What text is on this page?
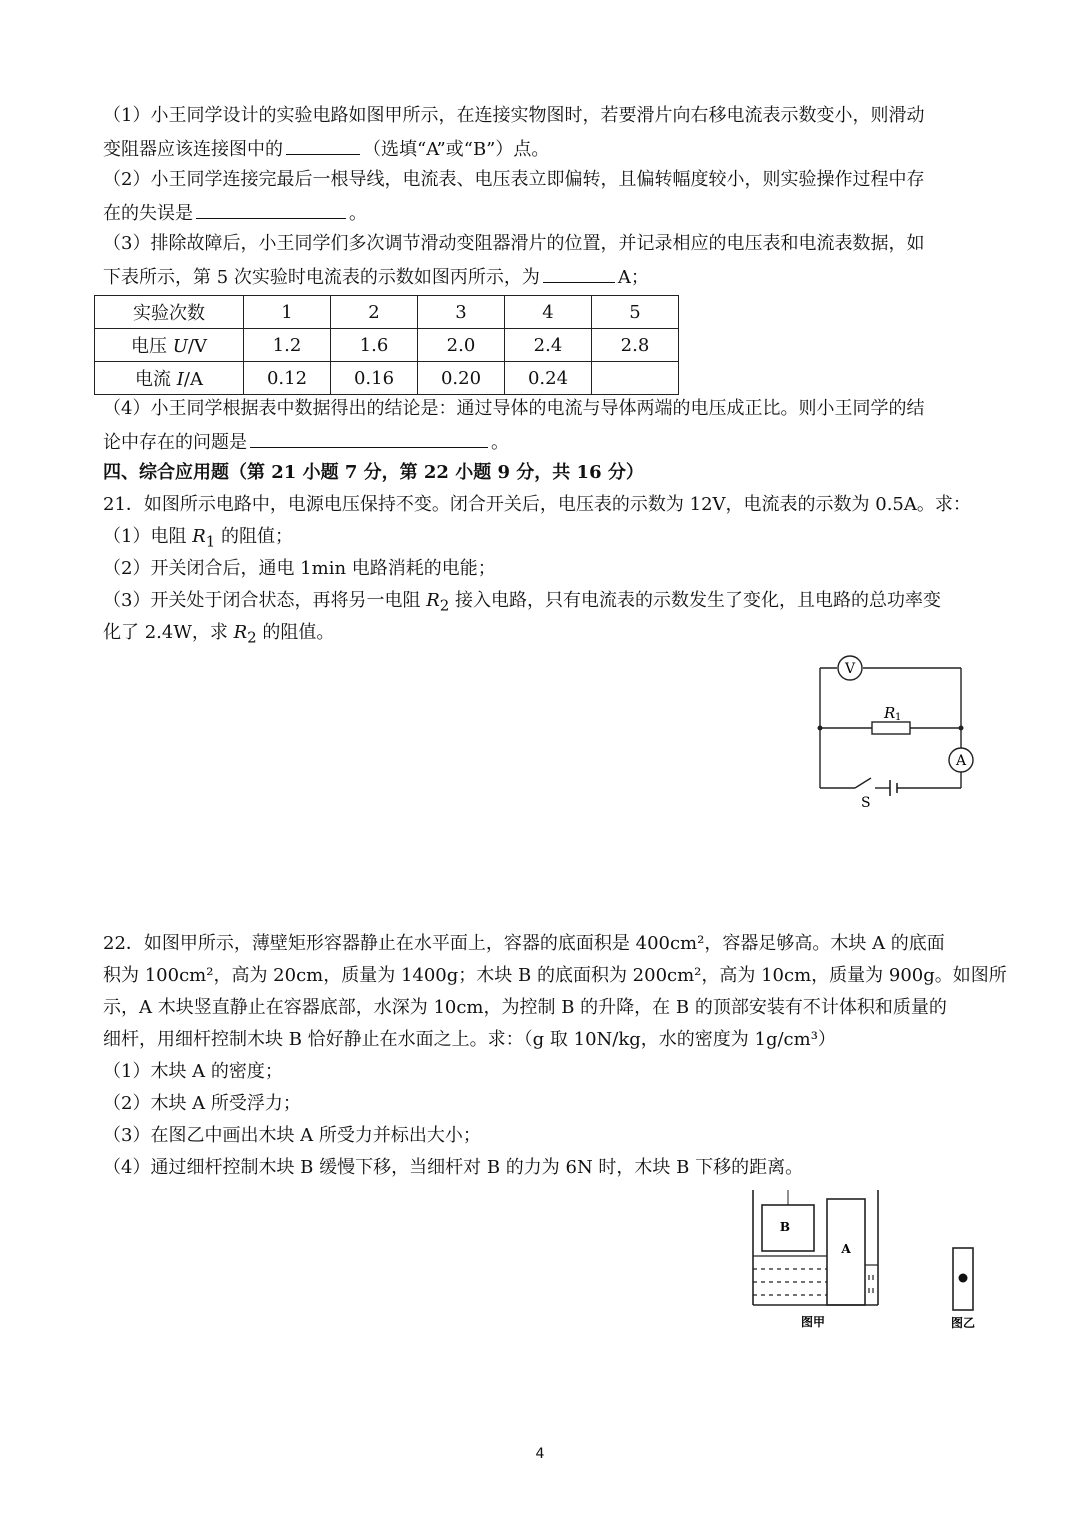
（1）小王同学设计的实验电路如图甲所示，在连接实物图时，若要滑片向右移电流表示数变小，则滑动
变阻器应该连接图中的	（选填“A”或“B”）点。
（2）小王同学连接完最后一根导线，电流表、电压表立即偏转，且偏转幅度较小，则实验操作过程中存
在的失误是	。
（3）排除故障后，小王同学们多次调节滑动变阻器滑片的位置，并记录相应的电压表和电流表数据，如
下表所示，第 5 次实验时电流表的示数如图丙所示，为	A；
实验次数	1	2	3	4	5
电压 U/V	1.2	1.6	2.0	2.4	2.8
电流 I/A	0.12	0.16	0.20	0.24	
（4）小王同学根据表中数据得出的结论是：通过导体的电流与导体两端的电压成正比。则小王同学的结
论中存在的问题是	。
四、综合应用题（第 21 小题 7 分，第 22 小题 9 分，共 16 分）
21．如图所示电路中，电源电压保持不变。闭合开关后，电压表的示数为 12V，电流表的示数为 0.5A。求：
（1）电阻 $R_1$ 的阻值；
（2）开关闭合后，通电 1min 电路消耗的电能；
（3）开关处于闭合状态，再将另一电阻 $R_2$ 接入电路，只有电流表的示数发生了变化，且电路的总功率变
化了 2.4W，求 $R_2$ 的阻值。
V
A
R 1
S
22．如图甲所示，薄壁矩形容器静止在水平面上，容器的底面积是 400cm²，容器足够高。木块 A 的底面
积为 100cm²，高为 20cm，质量为 1400g；木块 B 的底面积为 200cm²，高为 10cm，质量为 900g。如图所
示，A 木块竖直静止在容器底部，水深为 10cm，为控制 B 的升降，在 B 的顶部安装有不计体积和质量的
细杆，用细杆控制木块 B 恰好静止在水面之上。求：（g 取 10N/kg，水的密度为 1g/cm³）
（1）木块 A 的密度；
（2）木块 A 所受浮力；
（3）在图乙中画出木块 A 所受力并标出大小；
（4）通过细杆控制木块 B 缓慢下移，当细杆对 B 的力为 6N 时，木块 B 下移的距离。
B
A
图甲	图乙
4
